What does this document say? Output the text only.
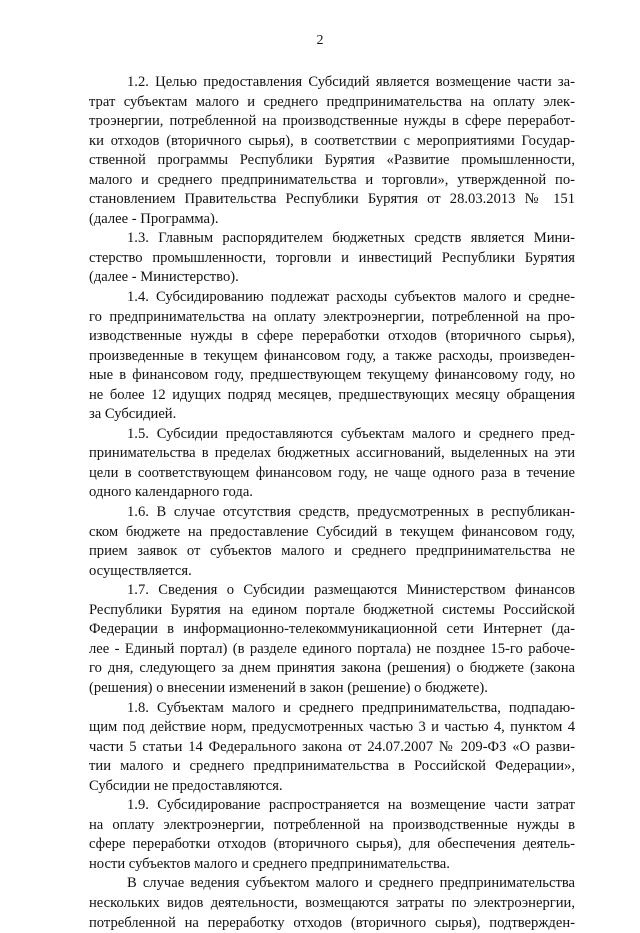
2
1.2. Целью предоставления Субсидий является возмещение части за-
трат субъектам малого и среднего предпринимательства на оплату элек-
троэнергии, потребленной на производственные нужды в сфере переработ-
ки отходов (вторичного сырья), в соответствии с мероприятиями Государ-
ственной программы Республики Бурятия «Развитие промышленности,
малого и среднего предпринимательства и торговли», утвержденной по-
становлением Правительства Республики Бурятия от 28.03.2013 № 151
(далее - Программа).
1.3. Главным распорядителем бюджетных средств является Мини-
стерство промышленности, торговли и инвестиций Республики Бурятия
(далее - Министерство).
1.4. Субсидированию подлежат расходы субъектов малого и средне-
го предпринимательства на оплату электроэнергии, потребленной на про-
изводственные нужды в сфере переработки отходов (вторичного сырья),
произведенные в текущем финансовом году, а также расходы, произведен-
ные в финансовом году, предшествующем текущему финансовому году, но
не более 12 идущих подряд месяцев, предшествующих месяцу обращения
за Субсидией.
1.5. Субсидии предоставляются субъектам малого и среднего пред-
принимательства в пределах бюджетных ассигнований, выделенных на эти
цели в соответствующем финансовом году, не чаще одного раза в течение
одного календарного года.
1.6. В случае отсутствия средств, предусмотренных в республикан-
ском бюджете на предоставление Субсидий в текущем финансовом году,
прием заявок от субъектов малого и среднего предпринимательства не
осуществляется.
1.7. Сведения о Субсидии размещаются Министерством финансов
Республики Бурятия на едином портале бюджетной системы Российской
Федерации в информационно-телекоммуникационной сети Интернет (да-
лее - Единый портал) (в разделе единого портала) не позднее 15-го рабоче-
го дня, следующего за днем принятия закона (решения) о бюджете (закона
(решения) о внесении изменений в закон (решение) о бюджете).
1.8. Субъектам малого и среднего предпринимательства, подпадаю-
щим под действие норм, предусмотренных частью 3 и частью 4, пунктом 4
части 5 статьи 14 Федерального закона от 24.07.2007 № 209-ФЗ «О разви-
тии малого и среднего предпринимательства в Российской Федерации»,
Субсидии не предоставляются.
1.9. Субсидирование распространяется на возмещение части затрат
на оплату электроэнергии, потребленной на производственные нужды в
сфере переработки отходов (вторичного сырья), для обеспечения деятель-
ности субъектов малого и среднего предпринимательства.
В случае ведения субъектом малого и среднего предпринимательства
нескольких видов деятельности, возмещаются затраты по электроэнергии,
потребленной на переработку отходов (вторичного сырья), подтвержден-
